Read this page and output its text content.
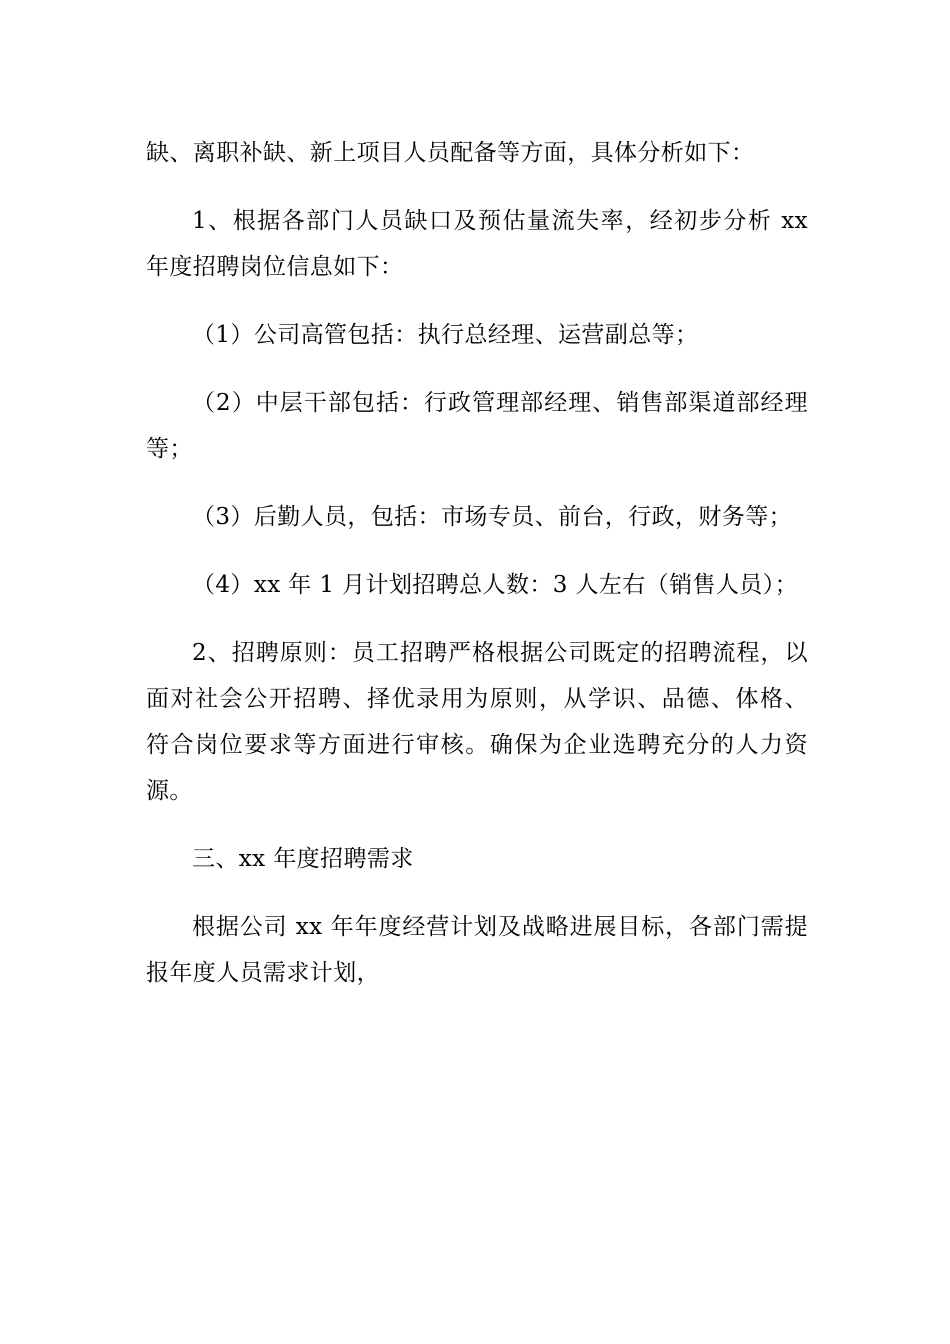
缺、离职补缺、新上项目人员配备等方面，具体分析如下：

1、根据各部门人员缺口及预估量流失率，经初步分析 xx
年度招聘岗位信息如下：

（1）公司高管包括：执行总经理、运营副总等；

（2）中层干部包括：行政管理部经理、销售部渠道部经理
等；

（3）后勤人员，包括：市场专员、前台，行政，财务等；

（4）xx 年 1 月计划招聘总人数：3 人左右（销售人员）；

2、招聘原则：员工招聘严格根据公司既定的招聘流程，以
面对社会公开招聘、择优录用为原则，从学识、品德、体格、
符合岗位要求等方面进行审核。确保为企业选聘充分的人力资
源。

三、xx 年度招聘需求

根据公司 xx 年年度经营计划及战略进展目标，各部门需提
报年度人员需求计划，
